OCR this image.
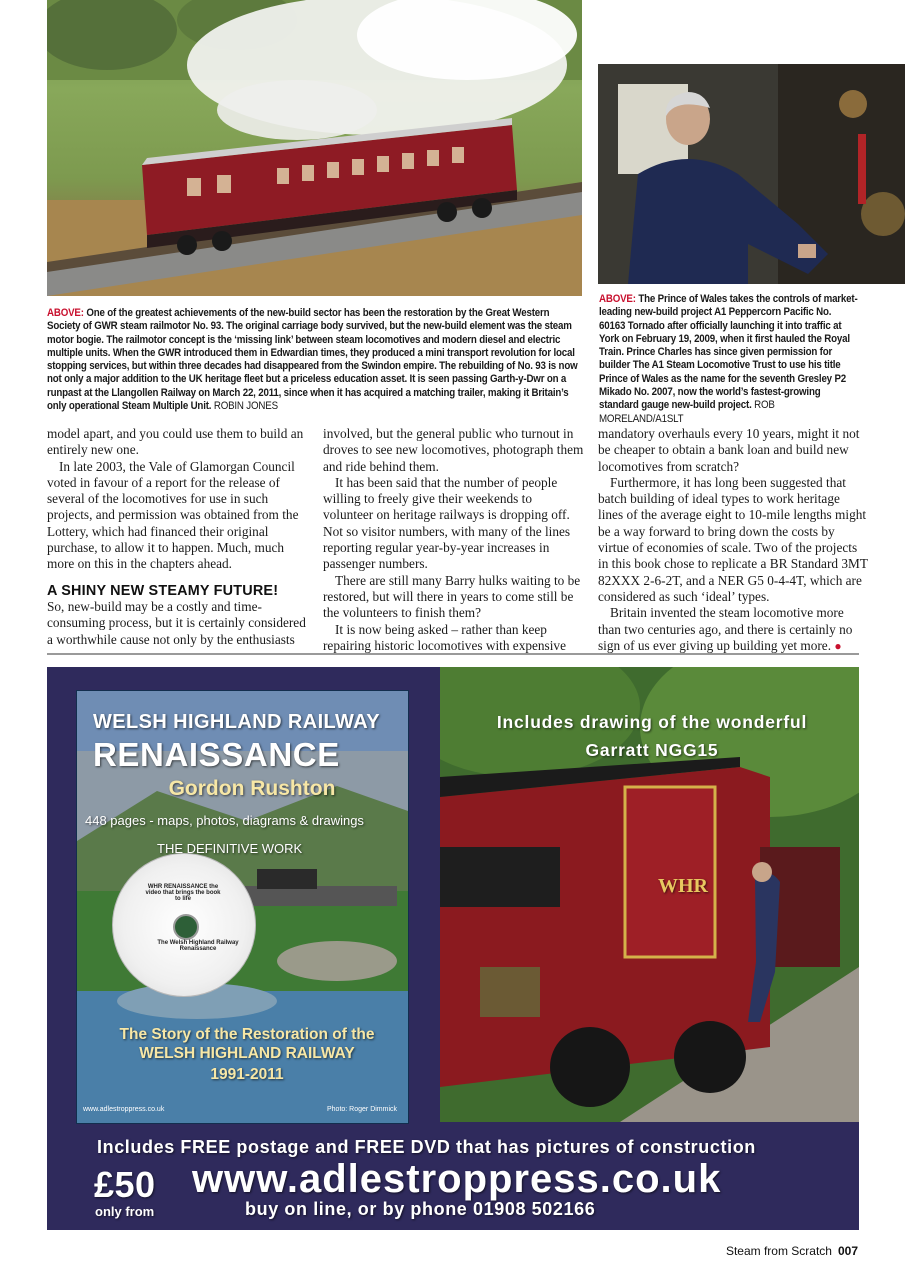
ABOVE: One of the greatest achievements of the new-build sector has been the restoration by the Great Western Society of GWR steam railmotor No. 93. The original carriage body survived, but the new-build element was the steam motor bogie. The railmotor concept is the ‘missing link’ between steam locomotives and modern diesel and electric multiple units. When the GWR introduced them in Edwardian times, they produced a mini transport revolution for local stopping services, but within three decades had disappeared from the Swindon empire. The rebuilding of No. 93 is now not only a major addition to the UK heritage fleet but a priceless education asset. It is seen passing Garth-y-Dwr on a runpast at the Llangollen Railway on March 22, 2011, since when it has acquired a matching trailer, making it Britain’s only operational Steam Multiple Unit. ROBIN JONES
ABOVE: The Prince of Wales takes the controls of market-leading new-build project A1 Peppercorn Pacific No. 60163 Tornado after officially launching it into traffic at York on February 19, 2009, when it first hauled the Royal Train. Prince Charles has since given permission for builder The A1 Steam Locomotive Trust to use his title Prince of Wales as the name for the seventh Gresley P2 Mikado No. 2007, now the world’s fastest-growing standard gauge new-build project. ROB MORELAND/A1SLT

model apart, and you could use them to build an entirely new one.

In late 2003, the Vale of Glamorgan Council voted in favour of a report for the release of several of the locomotives for use in such projects, and permission was obtained from the Lottery, which had financed their original purchase, to allow it to happen. Much, much more on this in the chapters ahead.

A SHINY NEW STEAMY FUTURE!

So, new-build may be a costly and time-consuming process, but it is certainly considered a worthwhile cause not only by the enthusiasts

involved, but the general public who turnout in droves to see new locomotives, photograph them and ride behind them.

It has been said that the number of people willing to freely give their weekends to volunteer on heritage railways is dropping off. Not so visitor numbers, with many of the lines reporting regular year-by-year increases in passenger numbers.

There are still many Barry hulks waiting to be restored, but will there in years to come still be the volunteers to finish them?

It is now being asked – rather than keep repairing historic locomotives with expensive

mandatory overhauls every 10 years, might it not be cheaper to obtain a bank loan and build new locomotives from scratch?

Furthermore, it has long been suggested that batch building of ideal types to work heritage lines of the average eight to 10-mile lengths might be a way forward to bring down the costs by virtue of economies of scale. Two of the projects in this book chose to replicate a BR Standard 3MT 82XXX 2-6-2T, and a NER G5 0-4-4T, which are considered as such ‘ideal’ types.

Britain invented the steam locomotive more than two centuries ago, and there is certainly no sign of us ever giving up building yet more. ●

WHR
Includes drawing of the wonderful
Garratt NGG15
WELSH HIGHLAND RAILWAY
RENAISSANCE
Gordon Rushton
448 pages - maps, photos, diagrams & drawings
THE DEFINITIVE WORK
WHR RENAISSANCE the video that brings the book to life
The Welsh Highland Railway Renaissance
The Story of the Restoration of the
WELSH HIGHLAND RAILWAY
1991-2011
www.adlestroppress.co.uk	Photo: Roger Dimmick
Includes FREE postage and FREE DVD that has pictures of construction
£50
only from
www.adlestroppress.co.uk
buy on line, or by phone 01908 502166
Steam from Scratch 007
